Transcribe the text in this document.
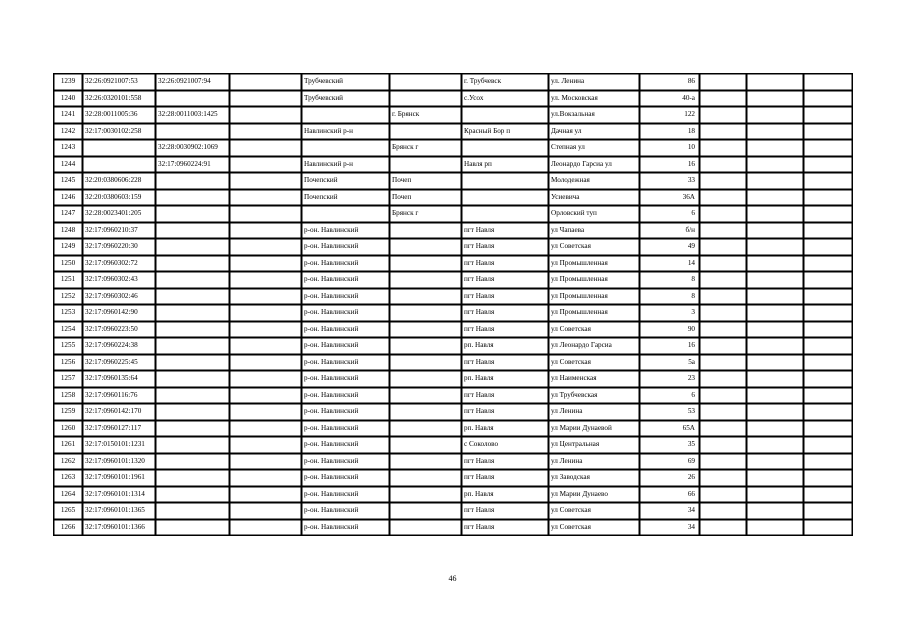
1239	32:26:0921007:53	32:26:0921007:94		Трубчевский		г. Трубчевск	ул. Ленина	86			
1240	32:26:0320101:558			Трубчевский		с.Усох	ул. Московская	40-а			
1241	32:28:0011005:36	32:28:0011003:1425			г. Брянск		ул.Вокзальная	122			
1242	32:17:0030102:258			Навлинский р-н		Красный Бор п	Дачная ул	18			
1243		32:28:0030902:1069			Брянск г		Степная ул	10			
1244		32:17:0960224:91		Навлинский р-н		Навля рп	Леонардо Гарсиа ул	16			
1245	32:20:0380606:228			Почепский	Почеп		Молодежная	33			
1246	32:20:0380603:159			Почепский	Почеп		Усиевича	36А			
1247	32:28:0023401:205				Брянск г		Орловский туп	6			
1248	32:17:0960210:37			р-он. Навлинский		пгт Навля	ул Чапаева	б/н			
1249	32:17:0960220:30			р-он. Навлинский		пгт Навля	ул Советская	49			
1250	32:17:0960302:72			р-он. Навлинский		пгт Навля	ул Промышленная	14			
1251	32:17:0960302:43			р-он. Навлинский		пгт Навля	ул Промышленная	8			
1252	32:17:0960302:46			р-он. Навлинский		пгт Навля	ул Промышленная	8			
1253	32:17:0960142:90			р-он. Навлинский		пгт Навля	ул Промышленная	3			
1254	32:17:0960223:50			р-он. Навлинский		пгт Навля	ул Советская	90			
1255	32:17:0960224:38			р-он. Навлинский		рп. Навля	ул Леонардо Гарсиа	16			
1256	32:17:0960225:45			р-он. Навлинский		пгт Навля	ул Советская	5а			
1257	32:17:0960135:64			р-он. Навлинский		рп. Навля	ул Наименская	23			
1258	32:17:0960116:76			р-он. Навлинский		пгт Навля	ул Трубчевская	6			
1259	32:17:0960142:170			р-он. Навлинский		пгт Навля	ул Ленина	53			
1260	32:17:0960127:117			р-он. Навлинский		рп. Навля	ул Марии Дунаевой	65А			
1261	32:17:0150101:1231			р-он. Навлинский		с Соколово	ул Центральная	35			
1262	32:17:0960101:1320			р-он. Навлинский		пгт Навля	ул Ленина	69			
1263	32:17:0960101:1961			р-он. Навлинский		пгт Навля	ул Заводская	26			
1264	32:17:0960101:1314			р-он. Навлинский		рп. Навля	ул Марии Дунаево	66			
1265	32:17:0960101:1365			р-он. Навлинский		пгт Навля	ул Советская	34			
1266	32:17:0960101:1366			р-он. Навлинский		пгт Навля	ул Советская	34			
46
